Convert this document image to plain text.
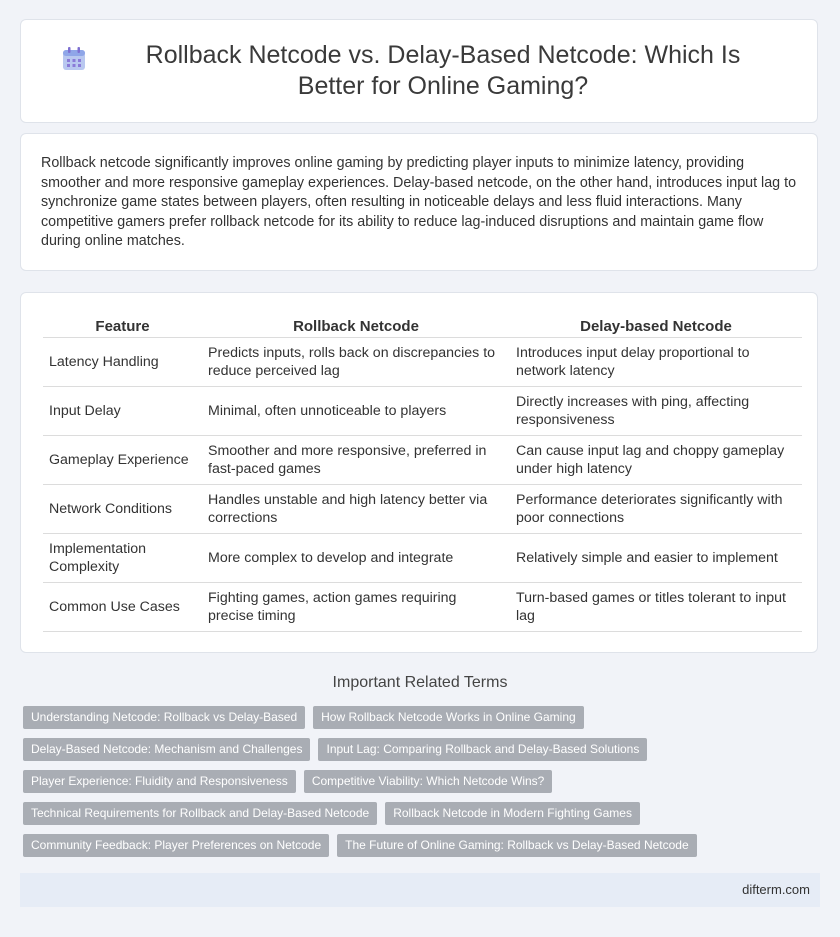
Rollback Netcode vs. Delay-Based Netcode: Which Is Better for Online Gaming?

Rollback netcode significantly improves online gaming by predicting player inputs to minimize latency, providing smoother and more responsive gameplay experiences. Delay-based netcode, on the other hand, introduces input lag to synchronize game states between players, often resulting in noticeable delays and less fluid interactions. Many competitive gamers prefer rollback netcode for its ability to reduce lag-induced disruptions and maintain game flow during online matches.

Feature	Rollback Netcode	Delay-based Netcode
Latency Handling	Predicts inputs, rolls back on discrepancies to reduce perceived lag	Introduces input delay proportional to network latency
Input Delay	Minimal, often unnoticeable to players	Directly increases with ping, affecting responsiveness
Gameplay Experience	Smoother and more responsive, preferred in fast-paced games	Can cause input lag and choppy gameplay under high latency
Network Conditions	Handles unstable and high latency better via corrections	Performance deteriorates significantly with poor connections
Implementation Complexity	More complex to develop and integrate	Relatively simple and easier to implement
Common Use Cases	Fighting games, action games requiring precise timing	Turn-based games or titles tolerant to input lag
Important Related Terms
Understanding Netcode: Rollback vs Delay-Based	How Rollback Netcode Works in Online Gaming
Delay-Based Netcode: Mechanism and Challenges	Input Lag: Comparing Rollback and Delay-Based Solutions
Player Experience: Fluidity and Responsiveness	Competitive Viability: Which Netcode Wins?
Technical Requirements for Rollback and Delay-Based Netcode	Rollback Netcode in Modern Fighting Games
Community Feedback: Player Preferences on Netcode	The Future of Online Gaming: Rollback vs Delay-Based Netcode
difterm.com
